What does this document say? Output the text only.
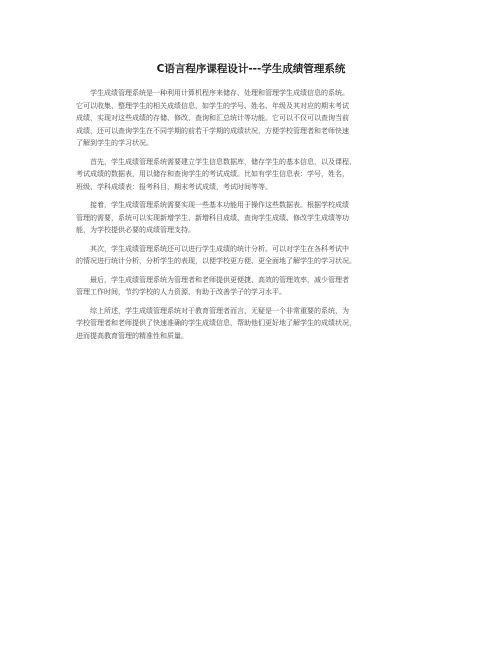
C语言程序课程设计---学生成绩管理系统

学生成绩管理系统是一种利用计算机程序来储存、处理和管理学生成绩信息的系统。
它可以收集、整理学生的相关成绩信息，如学生的学号、姓名、年级及其对应的期末考试
成绩，实现对这些成绩的存储、修改、查询和汇总统计等功能。它可以不仅可以查询当前
成绩，还可以查询学生在不同学期的前若干学期的成绩状况，方便学校管理者和老师快速
了解到学生的学习状况。

首先，学生成绩管理系统需要建立学生信息数据库，储存学生的基本信息，以及课程、
考试成绩的数据表，用以储存和查询学生的考试成绩。比如有学生信息表：学号，姓名，
班级、学科成绩表：报考科目，期末考试成绩，考试时间等等。

接着，学生成绩管理系统需要实现一些基本功能用于操作这些数据表。根据学校成绩
管理的需要，系统可以实现新增学生、新增科目成绩、查询学生成绩、修改学生成绩等功
能，为学校提供必要的成绩管理支持。

其次，学生成绩管理系统还可以进行学生成绩的统计分析。可以对学生在各科考试中
的情况进行统计分析，分析学生的表现，以便学校更方便、更全面地了解学生的学习状况。

最后，学生成绩管理系统为管理者和老师提供更便捷、高效的管理效率，减少管理者
管理工作时间，节约学校的人力资源，有助于改善学子的学习水平。

综上所述，学生成绩管理系统对于教育管理者而言，无疑是一个非常重要的系统，为
学校管理者和老师提供了快速准确的学生成绩信息，帮助他们更好地了解学生的成绩状况，
进而提高教育管理的精准性和质量。
